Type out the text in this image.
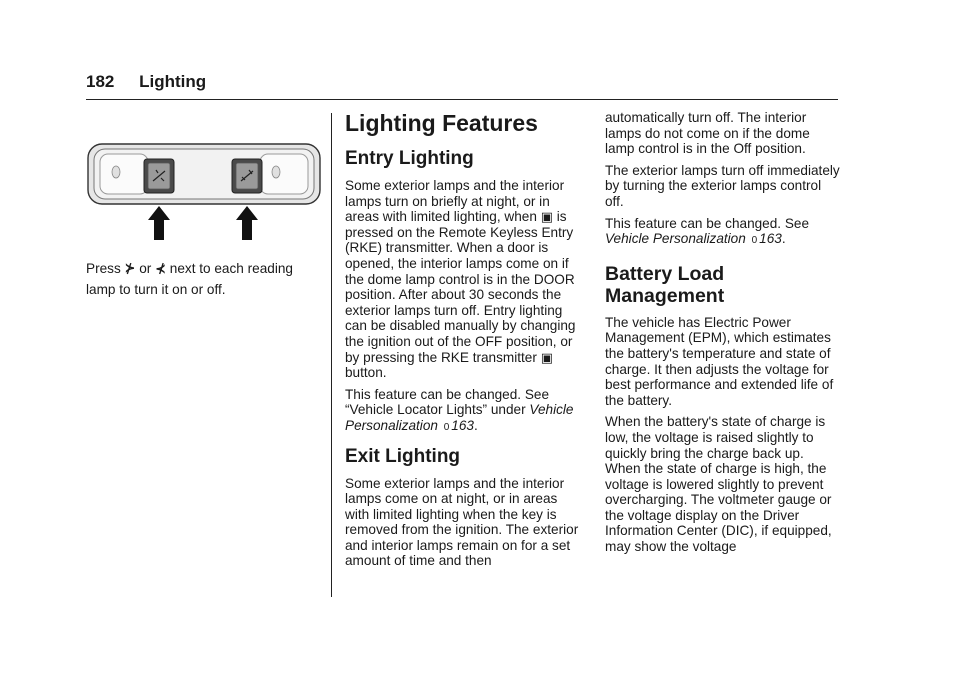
182 Lighting

Press ⊁ or ⊀ next to each reading lamp to turn it on or off.

Lighting Features
Entry Lighting

Some exterior lamps and the interior lamps turn on briefly at night, or in areas with limited lighting, when ▣ is pressed on the Remote Keyless Entry (RKE) transmitter. When a door is opened, the interior lamps come on if the dome lamp control is in the DOOR position. After about 30 seconds the exterior lamps turn off. Entry lighting can be disabled manually by changing the ignition out of the OFF position, or by pressing the RKE transmitter ▣ button.

This feature can be changed. See “Vehicle Locator Lights” under Vehicle Personalization 0 163.

Exit Lighting

Some exterior lamps and the interior lamps come on at night, or in areas with limited lighting when the key is removed from the ignition. The exterior and interior lamps remain on for a set amount of time and then

automatically turn off. The interior lamps do not come on if the dome lamp control is in the Off position.

The exterior lamps turn off immediately by turning the exterior lamps control off.

This feature can be changed. See Vehicle Personalization 0 163.

Battery Load Management

The vehicle has Electric Power Management (EPM), which estimates the battery's temperature and state of charge. It then adjusts the voltage for best performance and extended life of the battery.

When the battery's state of charge is low, the voltage is raised slightly to quickly bring the charge back up. When the state of charge is high, the voltage is lowered slightly to prevent overcharging. The voltmeter gauge or the voltage display on the Driver Information Center (DIC), if equipped, may show the voltage
